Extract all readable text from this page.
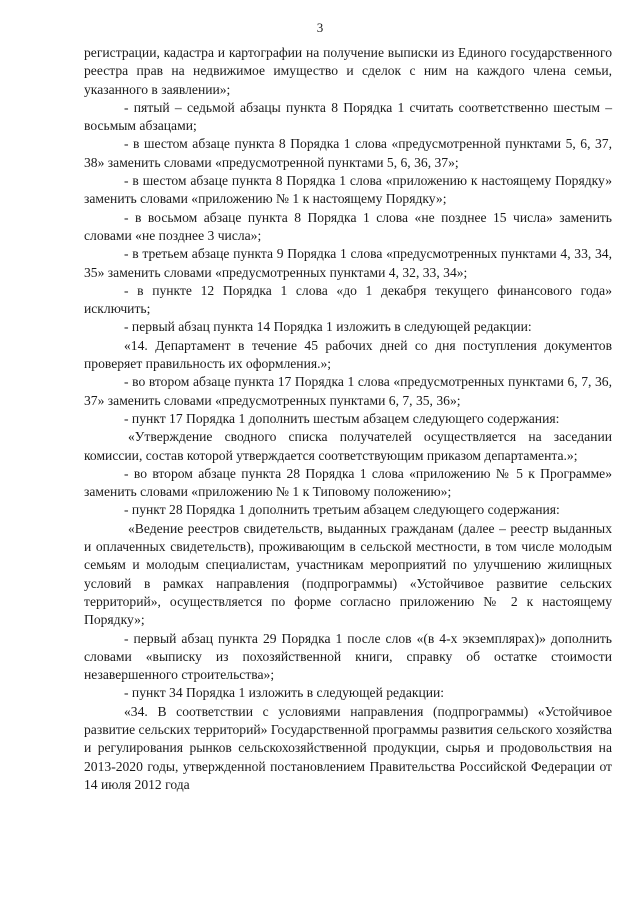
3

регистрации, кадастра и картографии на получение выписки из Единого государственного реестра прав на недвижимое имущество и сделок с ним на каждого члена семьи, указанного в заявлении»;

- пятый – седьмой абзацы пункта 8 Порядка 1 считать соответственно шестым – восьмым абзацами;

- в шестом абзаце пункта 8 Порядка 1 слова «предусмотренной пунктами 5, 6, 37, 38» заменить словами «предусмотренной пунктами 5, 6, 36, 37»;

- в шестом абзаце пункта 8 Порядка 1 слова «приложению к настоящему Порядку» заменить словами «приложению № 1 к настоящему Порядку»;

- в восьмом абзаце пункта 8 Порядка 1 слова «не позднее 15 числа» заменить словами «не позднее 3 числа»;

- в третьем абзаце пункта 9 Порядка 1 слова «предусмотренных пунктами 4, 33, 34, 35» заменить словами «предусмотренных пунктами 4, 32, 33, 34»;

- в пункте 12 Порядка 1 слова «до 1 декабря текущего финансового года» исключить;

- первый абзац пункта 14 Порядка 1 изложить в следующей редакции:

«14. Департамент в течение 45 рабочих дней со дня поступления документов проверяет правильность их оформления.»;

- во втором абзаце пункта 17 Порядка 1 слова «предусмотренных пунктами 6, 7, 36, 37» заменить словами «предусмотренных пунктами 6, 7, 35, 36»;

- пункт 17 Порядка 1 дополнить шестым абзацем следующего содержания:

«Утверждение сводного списка получателей осуществляется на заседании комиссии, состав которой утверждается соответствующим приказом департамента.»;

- во втором абзаце пункта 28 Порядка 1 слова «приложению № 5 к Программе» заменить словами «приложению № 1 к Типовому положению»;

- пункт 28 Порядка 1 дополнить третьим абзацем следующего содержания:

«Ведение реестров свидетельств, выданных гражданам (далее – реестр выданных и оплаченных свидетельств), проживающим в сельской местности, в том числе молодым семьям и молодым специалистам, участникам мероприятий по улучшению жилищных условий в рамках направления (подпрограммы) «Устойчивое развитие сельских территорий», осуществляется по форме согласно приложению № 2 к настоящему Порядку»;

- первый абзац пункта 29 Порядка 1 после слов «(в 4-х экземплярах)» дополнить словами «выписку из похозяйственной книги, справку об остатке стоимости незавершенного строительства»;

- пункт 34 Порядка 1 изложить в следующей редакции:

«34. В соответствии с условиями направления (подпрограммы) «Устойчивое развитие сельских территорий» Государственной программы развития сельского хозяйства и регулирования рынков сельскохозяйственной продукции, сырья и продовольствия на 2013-2020 годы, утвержденной постановлением Правительства Российской Федерации от 14 июля 2012 года
